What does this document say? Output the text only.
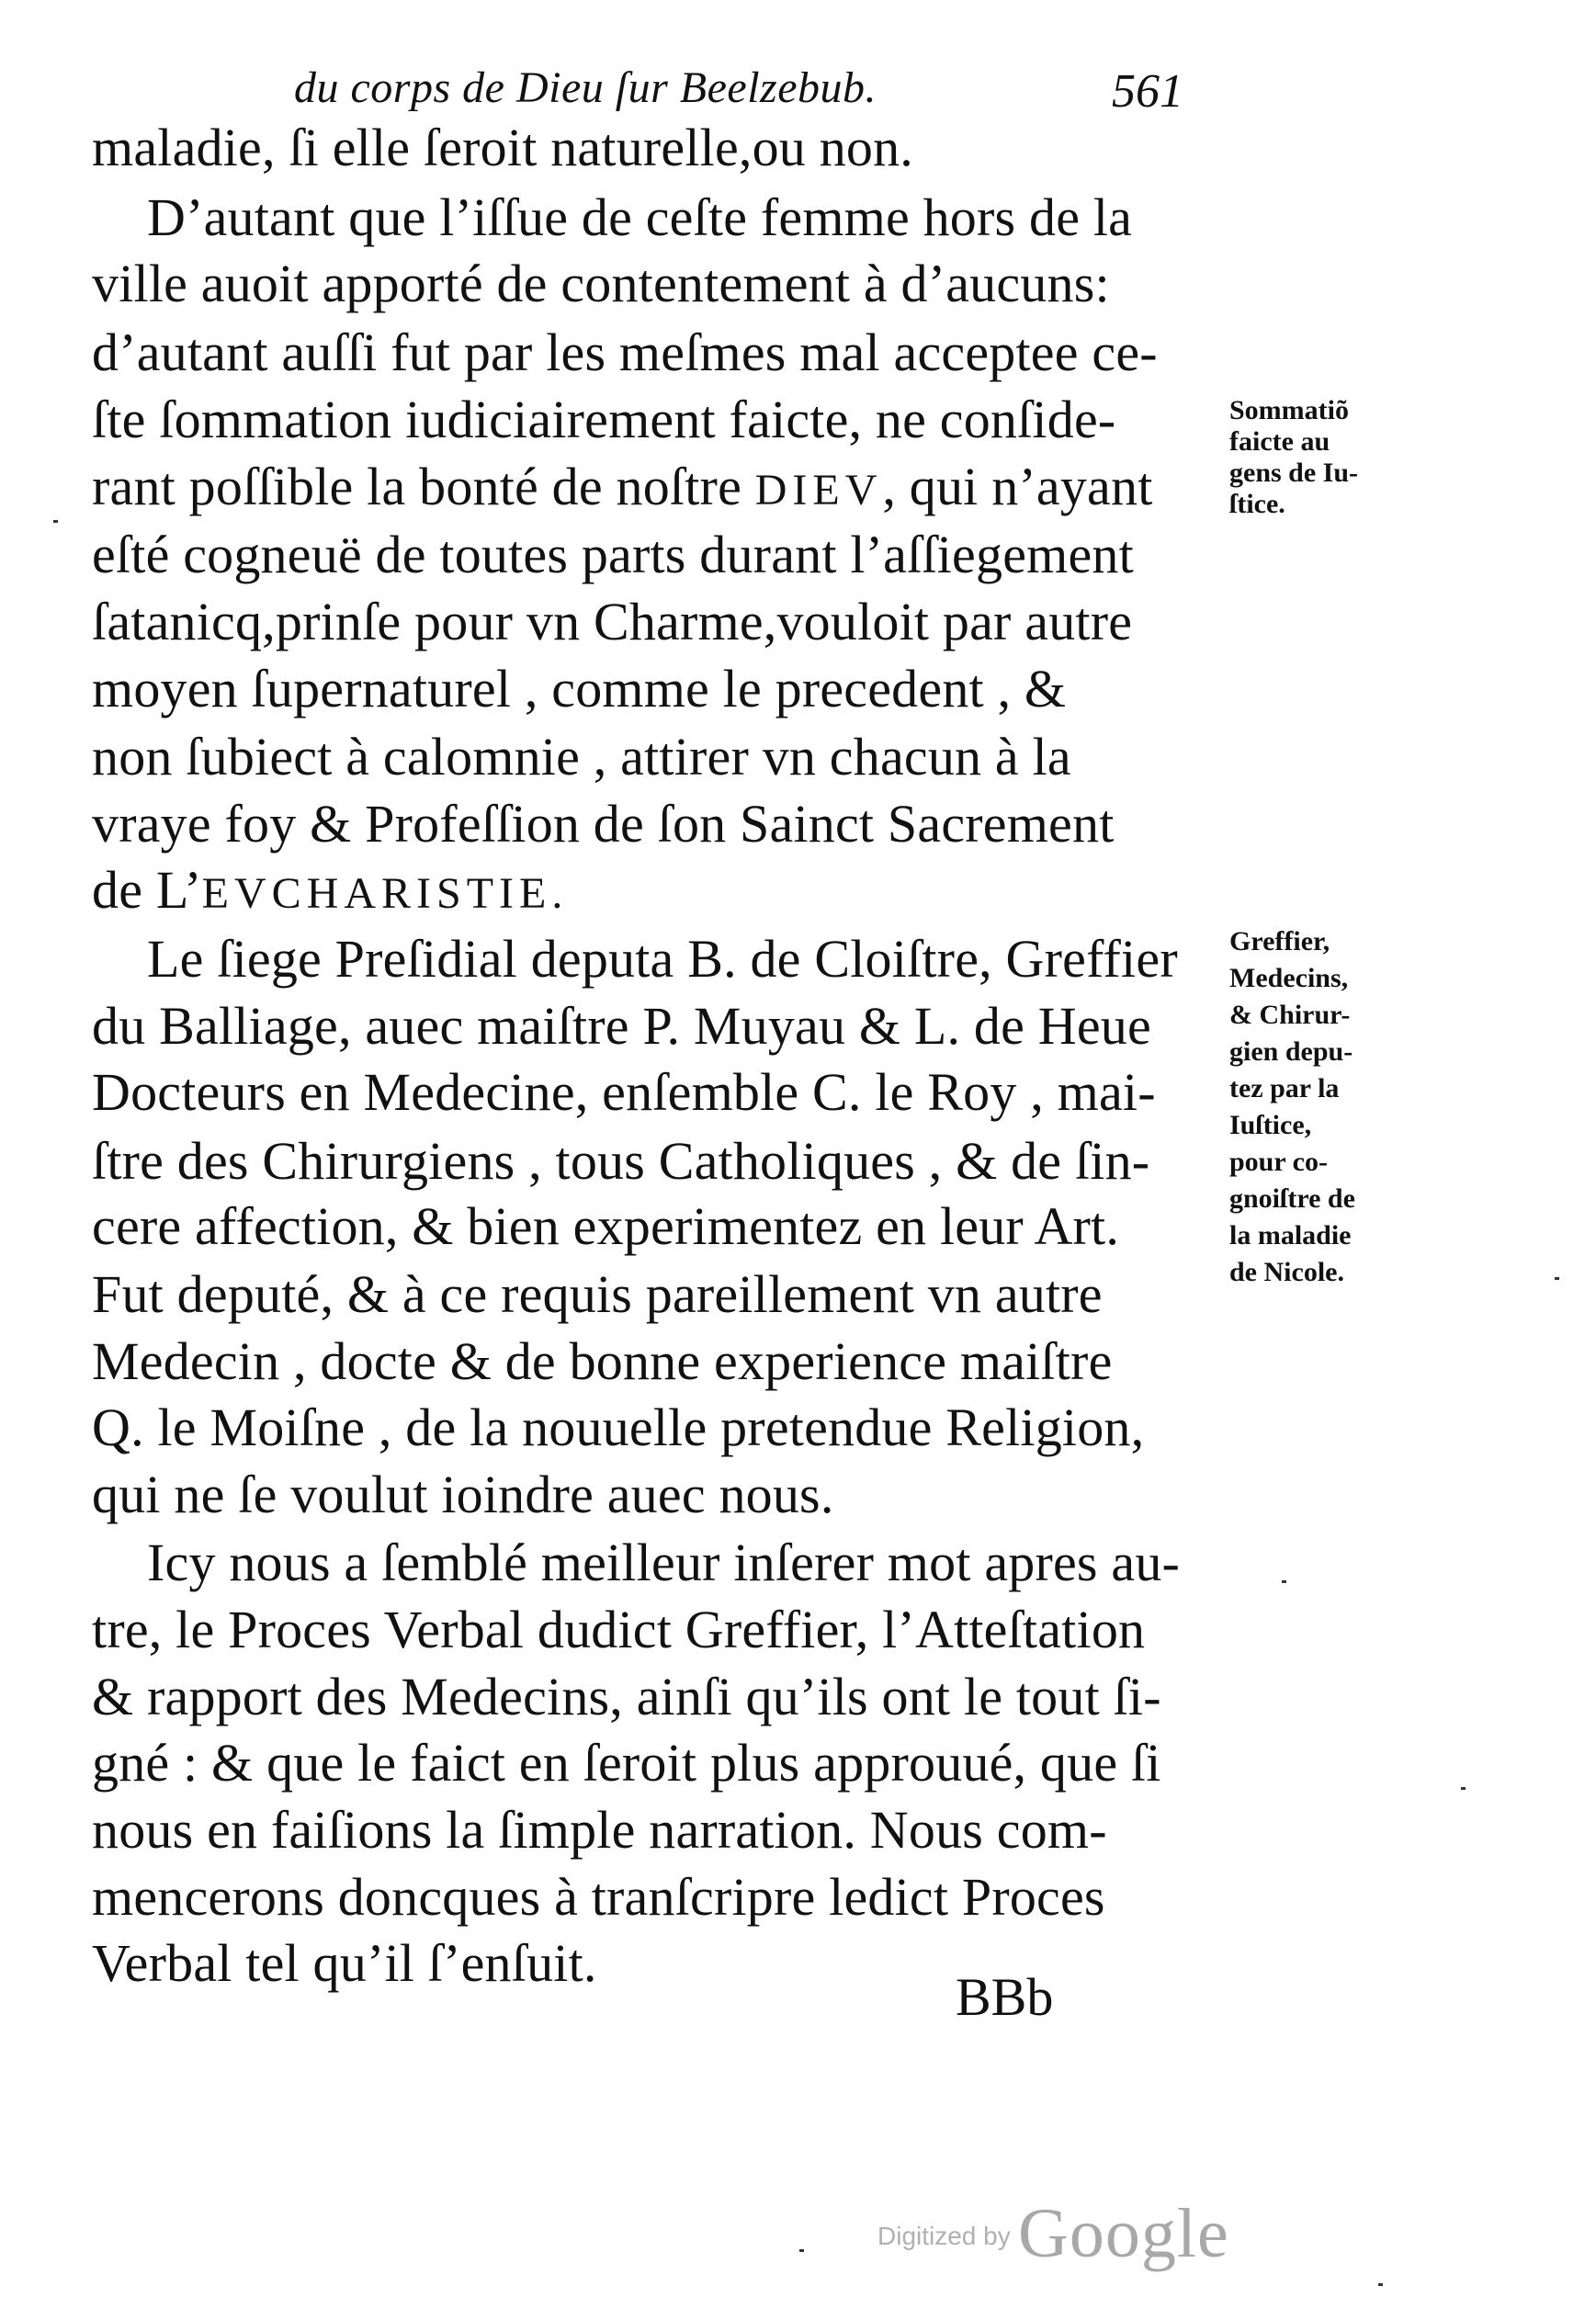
du corps de Dieu ſur Beelzebub.	561
maladie, ſi elle ſeroit naturelle,ou non.
D’autant que l’iſſue de ceſte femme hors de la
ville auoit apporté de contentement à d’aucuns:
d’autant auſſi fut par les meſmes mal acceptee ce-
ſte ſommation iudiciairement faicte, ne conſide-
rant poſſible la bonté de noſtre DIEV, qui n’ayant
eſté cogneuë de toutes parts durant l’aſſiegement
ſatanicq,prinſe pour vn Charme,vouloit par autre
moyen ſupernaturel , comme le precedent , &
non ſubiect à calomnie , attirer vn chacun à la
vraye foy & Profeſſion de ſon Sainct Sacrement
de L’EVCHARISTIE.
Le ſiege Preſidial deputa B. de Cloiſtre, Greffier
du Balliage, auec maiſtre P. Muyau & L. de Heue
Docteurs en Medecine, enſemble C. le Roy , mai-
ſtre des Chirurgiens , tous Catholiques , & de ſin-
cere affection, & bien experimentez en leur Art.
Fut deputé, & à ce requis pareillement vn autre
Medecin , docte & de bonne experience maiſtre
Q. le Moiſne , de la nouuelle pretendue Religion,
qui ne ſe voulut ioindre auec nous.
Icy nous a ſemblé meilleur inſerer mot apres au-
tre, le Proces Verbal dudict Greffier, l’Atteſtation
& rapport des Medecins, ainſi qu’ils ont le tout ſi-
gné : & que le faict en ſeroit plus approuué, que ſi
nous en faiſions la ſimple narration. Nous com-
mencerons doncques à tranſcripre ledict Proces
Verbal tel qu’il ſ’enſuit.
Sommatiõ
faicte au
gens de Iu-
ſtice.
Greffier,
Medecins,
& Chirur-
gien depu-
tez par la
Iuſtice,
pour co-
gnoiſtre de
la maladie
de Nicole.
BBb
Digitized by Google
